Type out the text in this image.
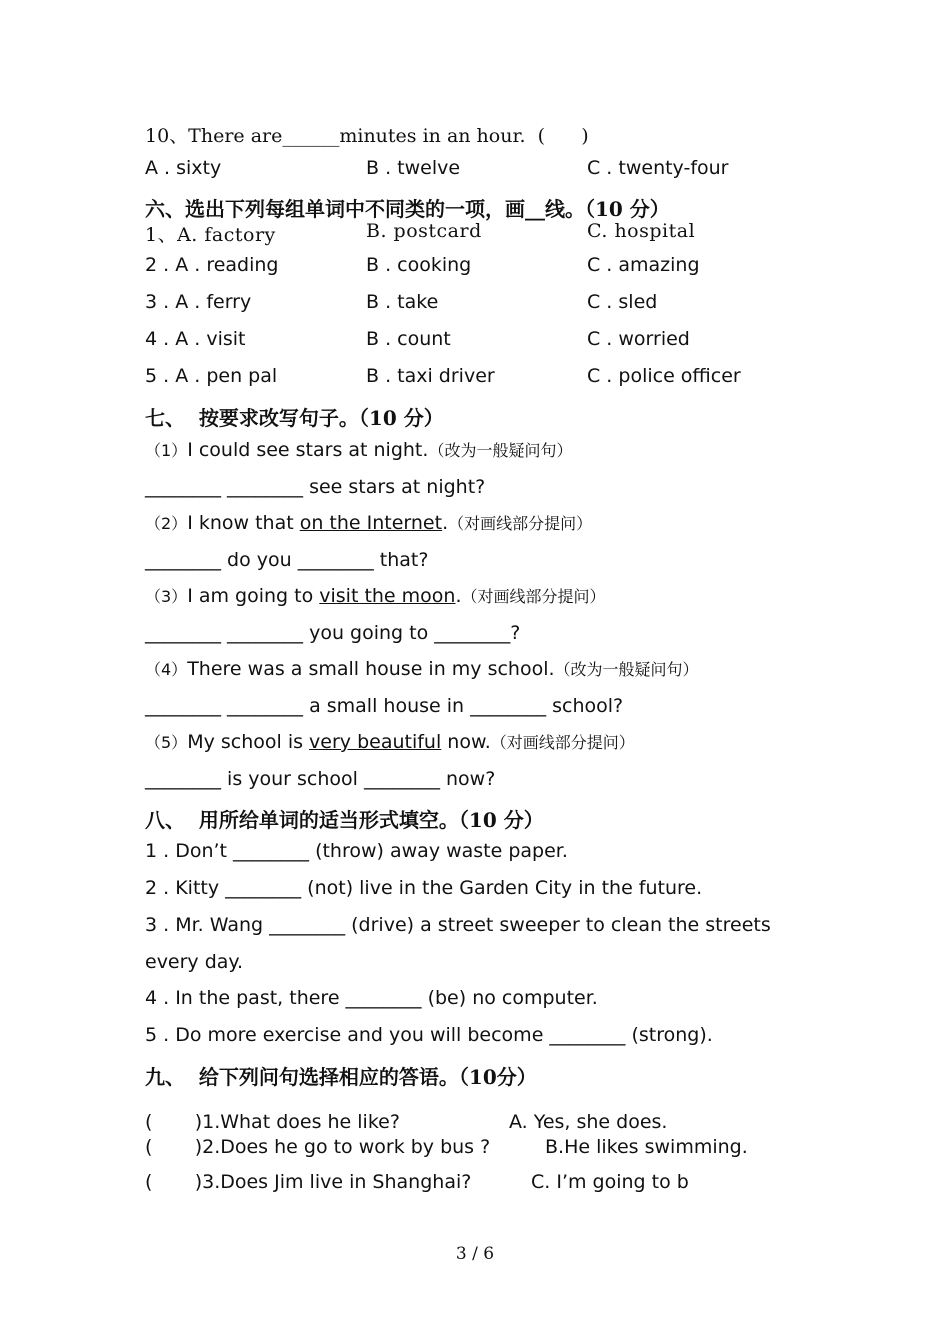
10、There are______minutes in an hour. (      )
A . sixty	B . twelve	C . twenty-four
六、选出下列每组单词中不同类的一项，画__线。（10 分）
1、A. factory	B. postcard	C. hospital
2 . A . reading	B . cooking	C . amazing
3 . A . ferry	B . take	C . sled
4 . A . visit	B . count	C . worried
5 . A . pen pal	B . taxi driver	C . police officer
七、  按要求改写句子。（10 分）
（1）I could see stars at night.（改为一般疑问句）
________ ________ see stars at night?
（2）I know that on the Internet.（对画线部分提问）
________ do you ________ that?
（3）I am going to visit the moon.（对画线部分提问）
________ ________ you going to ________?
（4）There was a small house in my school.（改为一般疑问句）
________ ________ a small house in ________ school?
（5）My school is very beautiful now.（对画线部分提问）
________ is your school ________ now?
八、  用所给单词的适当形式填空。（10 分）
1 . Don’t ________ (throw) away waste paper.
2 . Kitty ________ (not) live in the Garden City in the future.
3 . Mr. Wang ________ (drive) a street sweeper to clean the streets
every day.
4 . In the past, there ________ (be) no computer.
5 . Do more exercise and you will become ________ (strong).
九、  给下列问句选择相应的答语。（10分）
(       )1.What does he like?	A. Yes, she does.
(       )2.Does he go to work by bus ?	B.He likes swimming.
(       )3.Does Jim live in Shanghai?	C. I’m going to b
3 / 6
